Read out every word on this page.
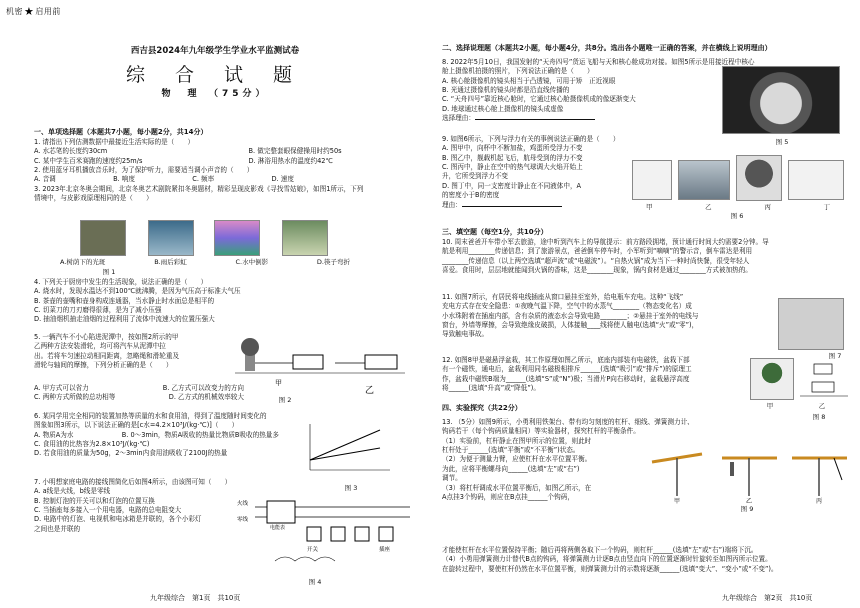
机密★启用前
西吉县2024年九年级学生学业水平监测试卷
综 合 试 题
物　理　（75分）

一、单项选择题（本题共7小题，每小题2分，共14分）

1. 请指出下列估测数据中最接近生活实际的是（　　）

A. 水芯笔的长度约30cm	B. 做完整套眼保健操用时约50s
C. 某中学生百米赛跑的速度约25m/s	D. 淋浴用热水的温度约42℃

2. 使用蓝牙耳机播放音乐时，为了保护听力，需要适当调小声音的（　　）

A. 音调	B. 响度	C. 频率	D. 速度

3. 2023年北京冬奥会期间，北京冬奥艺术剧院紧扣冬奥题材，精彩呈现皮影戏《寻找雪姑娘》，如图1所示，下列

情境中，与皮影戏原理相同的是（　　）

A.树荫下的光斑	B.雨后彩虹	C.水中倒影	D.筷子弯折
图 1

4. 下列关于厨房中发生的生活现象，说法正确的是（　　）

A. 烧水时，发现水温达不到100℃就沸腾，是因为气压高于标准大气压

B. 茶壶的壶嘴和壶身构成连通器，当水静止时水面总是相平的

C. 切菜刀的刀刃磨得很薄，是为了减小压强

D. 抽油烟机抽走油烟的过程利用了流体中流速大的位置压强大

5. 一辆汽车不小心陷进泥潭中，按如图2所示的甲

乙两种方法安装滑轮，均可将汽车从泥潭中拉

出。若将车匀速拉动相同距离，忽略绳和滑轮重及

滑轮与轴间的摩擦，下列分析正确的是（　　）

甲
乙
图 2
A. 甲方式可以省力	B. 乙方式可以改变力的方向
C. 两种方式所做的总功相等	D. 乙方式的机械效率较大

6. 某同学用完全相同的装置加热等质量的水和食用油，得到了温度随时间变化的

图象如图3所示，以下说法正确的是[c水=4.2×10³J/(kg·℃)]（　　）

A. 物质A为水	B. 0～3min，物质A吸收的热量比物质B吸收的热量多

C. 食用油的比热容为2.8×10³J/(kg·℃)

D. 若食用油的质量为50g，2～3min内食用油吸收了2100J的热量

图 3

7. 小明想家庭电路的接线图简化后如图4所示，由该图可知（　　）

A. a线是火线，b线是零线

B. 控制灯泡的开关可以和灯泡的位置互换

C. 当插座每多接入一个用电器，电路的总电阻变大

D. 电路中的灯泡、电视机和电冰箱是并联的，各个小彩灯

之间也是并联的

火线
零线
电能表
开关	插座
图 4
九年级综合　第1页　共10页

二、选择说理题（本题共2小题，每小题4分，共8分。选出各小题唯一正确的答案，并在横线上说明理由）

8. 2022年5月10日，我国发射的“天舟四号”货运飞船与天和核心舱成功对接。如图5所示是用接近程中核心

舱上摄像机拍摄的照片，下列说法正确的是（　　）

A. 核心舱摄像机的镜头相当于凸透镜，可用于矫　正近视眼

B. 光通过摄像机的镜头时都是沿直线传播的

C. “天舟四号”靠近核心舱时，它通过核心舱摄像机成的像逐渐变大

D. 地球通过核心舱上摄像机的镜头成虚像

选择理由：

图 5

9. 如图6所示，下列与浮力有关的事例说法正确的是（　　）

A. 图甲中，向杯中不断加盐，鸡蛋所受浮力不变

B. 图乙中，舰载机起飞后，航母受到的浮力不变

C. 图丙中，静止在空中的热气球调大火焰开始上

升，它所受到浮力不变

D. 图丁中，同一支密度计静止在不同液体中，A

的密度小于B的密度

理由：	甲	乙	丙	丁
图 6

三、填空题（每空1分，共10分）

10. 周末爸爸开车带小军去旅游，途中听到汽车上的导航提示：前方路段拥堵，预计通行时间大约需要2分钟。导

航是利用________传递信息；到了旅游景点，爸爸倒车停车时，小军听到“嘀嘀”的警示音，倒车雷达是利用

________传递信息（以上两空选填“超声波”或“电磁波”）。“自热火锅”成为当下一种时尚快餐，很受年轻人

喜爱。食用时，层层地就能闻到火锅的香味，这是________现象，锅内食材是通过________方式被加热的。

11. 如图7所示，有居民将电线插座从窗口悬挂至室外，给电瓶车充电。这种“飞线”

充电方式存在安全隐患：①夜晚气温下降，空气中的水蒸气________（物态变化名）成

小水珠附着在插座内部，含有杂质的液态水会导致电路________；②悬挂于室外的电线与

窗台，外墙等摩擦，会导致绝缘皮破损，人体接触____线将使人触电(选填“火”或“零”)，

导致触电事故。

图 7

12. 如图8甲是磁悬浮盆栽，其工作原理如图乙所示，底座内部装有电磁铁，盆栽下部

有一个磁铁，通电后，盆栽利用同名磁极相排斥______(选填“吸引”或“排斥”)的原理工

作，盆栽中磁铁B端为______(选填“S”或“N”)极；当滑片P向右移动时，盆栽悬浮高度

将______(选填“升高”或“降低”)。

甲	乙
图 8

四、实验探究（共22分）

13. （5分）如图9所示，小勇利用铁架台、带有均匀刻度的杠杆、细线、弹簧测力计、

钩码若干（每个钩码质量相同）等实验器材，探究杠杆的平衡条件。

（1）实验前，杠杆静止在图甲所示的位置，则此时

杠杆处于______(选填“平衡”或“不平衡”)状态。

（2）为便于测量力臂，应使杠杆在水平位置平衡。

为此，应将平衡螺母向______(选填“左”或“右”)

调节。

（3）将杠杆调成水平位置平衡后，如图乙所示，在

A点挂3个钩码，则应在B点挂______个钩码，

才能使杠杆在水平位置保持平衡；随后再将两侧各取下一个钩码，则杠杆______(选填“左”或“右”)端将下沉。

（4）小勇用弹簧测力计替代B点的钩码，将弹簧测力计逐B点由竖直向下的位置逐渐时针旋转至如图丙所示位置。

在旋转过程中，要使杠杆仍然在水平位置平衡，则弹簧测力计的示数将逐渐______(选填“变大”、“变小”或“不变”)。

甲	乙	丙
图 9
九年级综合　第2页　共10页
